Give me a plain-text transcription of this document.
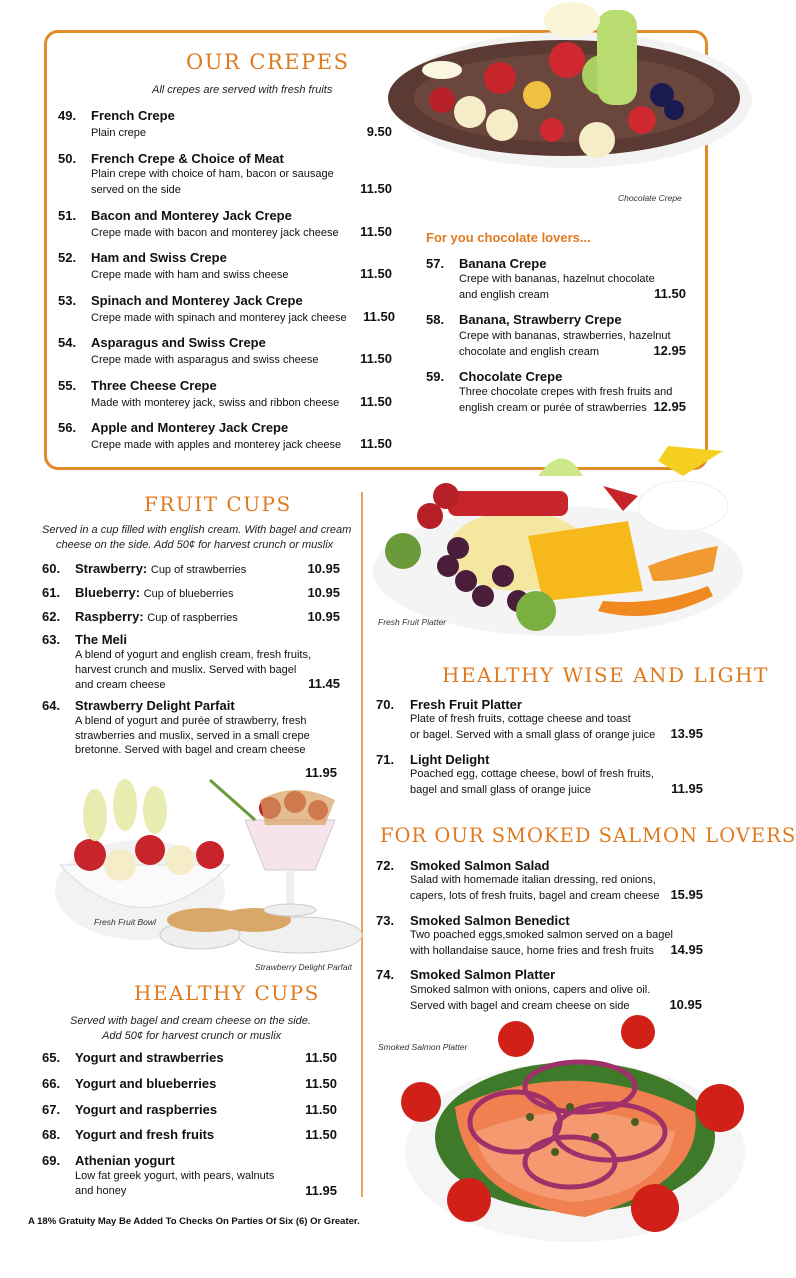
Chocolate Crepe
OUR CREPES
All crepes are served with fresh fruits
49. French Crepe
Plain crepe	9.50
50. French Crepe & Choice of Meat
Plain crepe with choice of ham, bacon or sausage
served on the side	11.50
51. Bacon and Monterey Jack Crepe
Crepe made with bacon and monterey jack cheese	11.50
52. Ham and Swiss Crepe
Crepe made with ham and swiss cheese	11.50
53. Spinach and Monterey Jack Crepe
Crepe made with spinach and monterey jack cheese	11.50
54. Asparagus and Swiss Crepe
Crepe made with asparagus and swiss cheese	11.50
55. Three Cheese Crepe
Made with monterey jack, swiss and ribbon cheese	11.50
56. Apple and Monterey Jack Crepe
Crepe made with apples and monterey jack cheese	11.50
For you chocolate lovers...
57. Banana Crepe
Crepe with bananas, hazelnut chocolate
and english cream	11.50
58. Banana, Strawberry Crepe
Crepe with bananas, strawberries, hazelnut
chocolate and english cream	12.95
59. Chocolate Crepe
Three chocolate crepes with fresh fruits and
english cream or purée of strawberries 12.95
FRUIT CUPS
Served in a cup filled with english cream. With bagel and cream
cheese on the side. Add 50¢ for harvest crunch or muslix
60. Strawberry: Cup of strawberries	10.95
61. Blueberry: Cup of blueberries	10.95
62. Raspberry: Cup of raspberries	10.95
63. The Meli
A blend of yogurt and english cream, fresh fruits,
harvest crunch and muslix. Served with bagel
and cream cheese	11.45
64. Strawberry Delight Parfait
A blend of yogurt and purée of strawberry, fresh
strawberries and muslix, served in a small crepe
bretonne. Served with bagel and cream cheese
11.95
Fresh Fruit Bowl
Strawberry Delight Parfait
HEALTHY CUPS
Served with bagel and cream cheese on the side.
Add 50¢ for harvest crunch or muslix
65. Yogurt and strawberries	11.50
66. Yogurt and blueberries	11.50
67. Yogurt and raspberries	11.50
68. Yogurt and fresh fruits	11.50
69. Athenian yogurt
Low fat greek yogurt, with pears, walnuts
and honey	11.95
A 18% Gratuity May Be Added To Checks On Parties Of Six (6) Or Greater.
Fresh Fruit Platter
HEALTHY WISE AND LIGHT
70. Fresh Fruit Platter
Plate of fresh fruits, cottage cheese and toast
or bagel. Served with a small glass of orange juice	13.95
71. Light Delight
Poached egg, cottage cheese, bowl of fresh fruits,
bagel and small glass of orange juice	11.95
FOR OUR SMOKED SALMON LOVERS
72. Smoked Salmon Salad
Salad with homemade italian dressing, red onions,
capers, lots of fresh fruits, bagel and cream cheese 15.95
73. Smoked Salmon Benedict
Two poached eggs,smoked salmon served on a bagel
with hollandaise sauce, home fries and fresh fruits	14.95
74. Smoked Salmon Platter
Smoked salmon with onions, capers and olive oil.
Served with bagel and cream cheese on side	10.95
Smoked Salmon Platter
